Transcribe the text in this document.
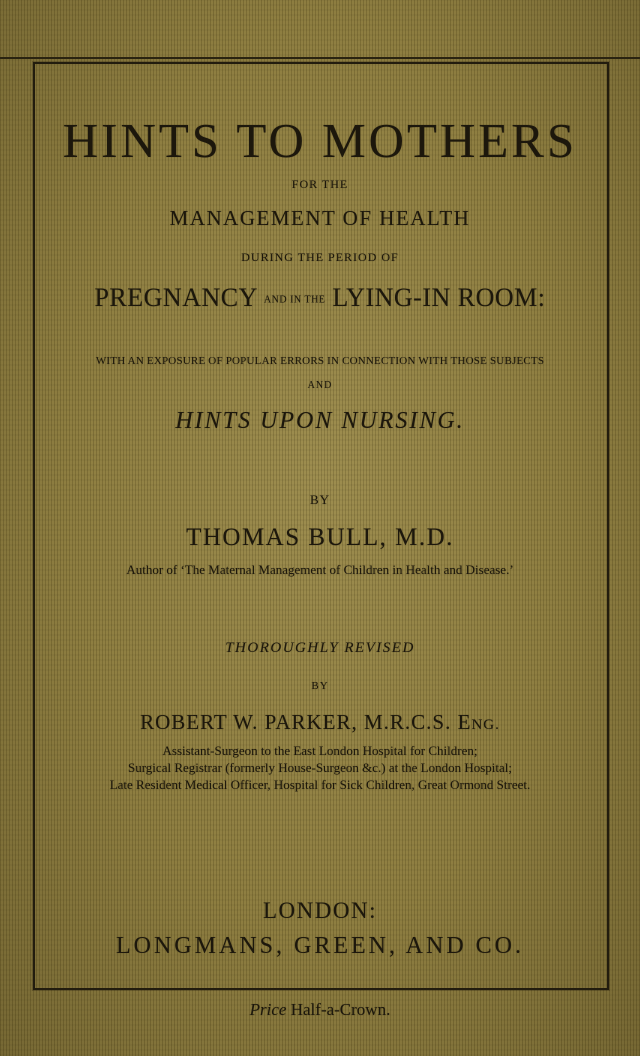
HINTS TO MOTHERS
FOR THE
MANAGEMENT OF HEALTH
DURING THE PERIOD OF
PREGNANCY AND IN THE LYING-IN ROOM:
WITH AN EXPOSURE OF POPULAR ERRORS IN CONNECTION WITH THOSE SUBJECTS
AND
HINTS UPON NURSING.
BY
THOMAS BULL, M.D.
Author of ‘The Maternal Management of Children in Health and Disease.’
THOROUGHLY REVISED
BY
ROBERT W. PARKER, M.R.C.S. ENG.
Assistant-Surgeon to the East London Hospital for Children;
Surgical Registrar (formerly House-Surgeon &c.) at the London Hospital;
Late Resident Medical Officer, Hospital for Sick Children, Great Ormond Street.
LONDON:
LONGMANS, GREEN, AND CO.
Price Half-a-Crown.
